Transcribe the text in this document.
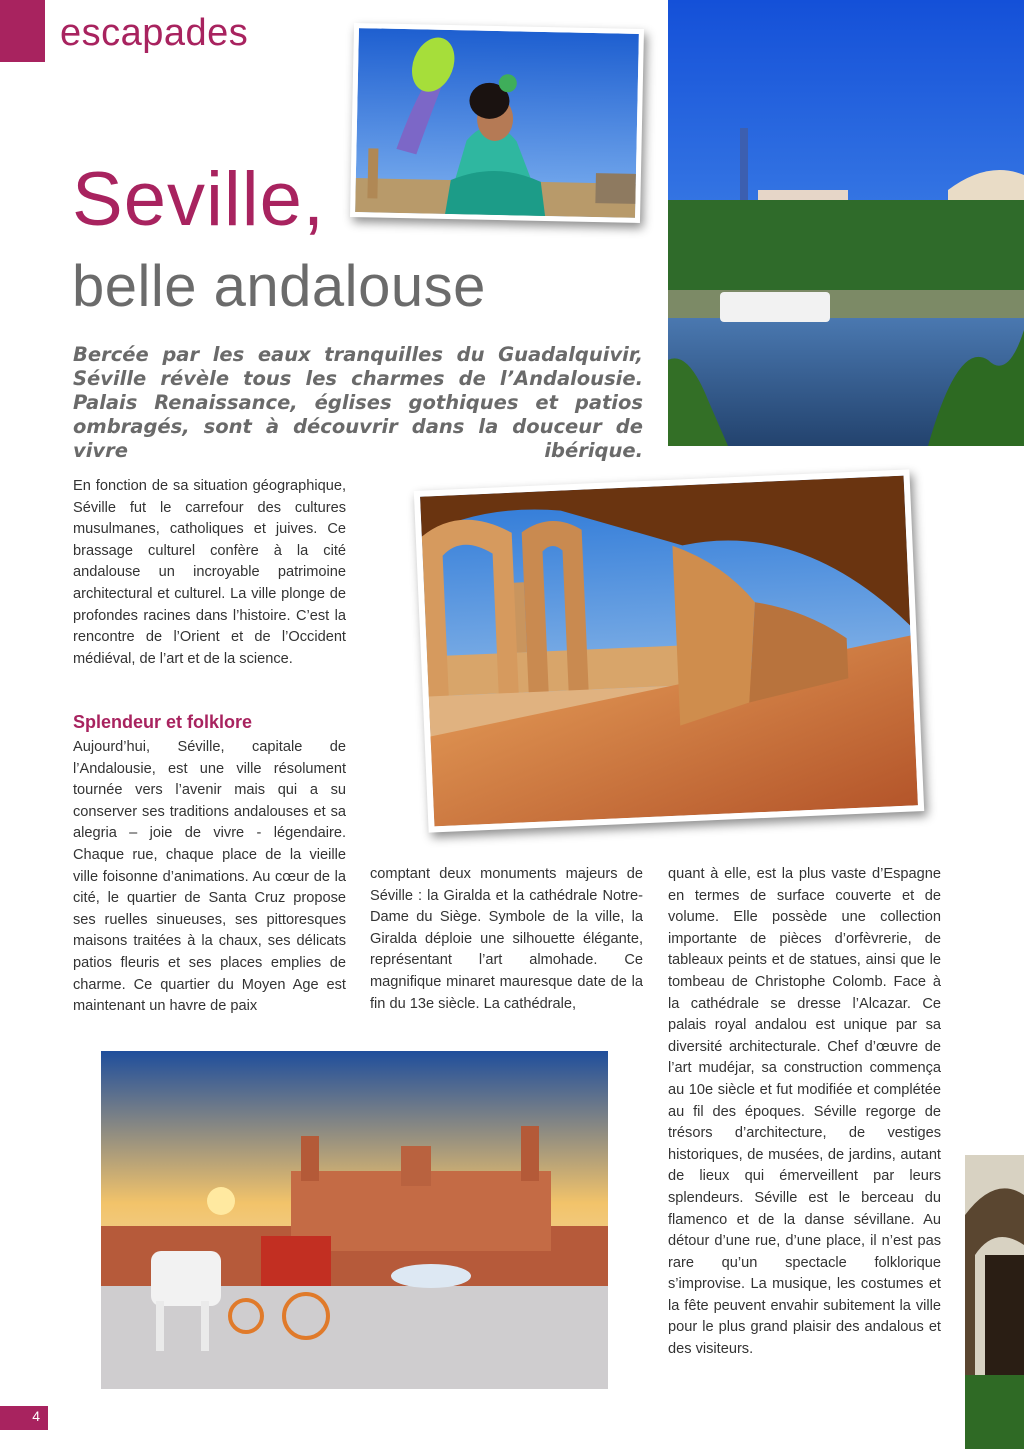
escapades
Seville,
belle andalouse
Bercée par les eaux tranquilles du Guadalquivir, Séville révèle tous les charmes de l’Andalousie. Palais Renaissance, églises gothiques et patios ombragés, sont à découvrir dans la douceur de vivre ibérique.
En fonction de sa situation géographique, Séville fut le carrefour des cultures musulmanes, catholiques et juives. Ce brassage culturel confère à la cité andalouse un incroyable patrimoine architectural et culturel. La ville plonge de profondes racines dans l’histoire. C’est la rencontre de l’Orient et de l’Occident médiéval, de l’art et de la science.
Splendeur et folklore
Aujourd’hui, Séville, capitale de l’Andalousie, est une ville résolument tournée vers l’avenir mais qui a su conserver ses traditions andalouses et sa alegria – joie de vivre - légendaire. Chaque rue, chaque place de la vieille ville foisonne d’animations. Au cœur de la cité, le quartier de Santa Cruz propose ses ruelles sinueuses, ses pittoresques maisons traitées à la chaux, ses délicats patios fleuris et ses places emplies de charme. Ce quartier du Moyen Age est maintenant un havre de paix
comptant deux monuments majeurs de Séville : la Giralda et la cathédrale Notre-Dame du Siège. Symbole de la ville, la Giralda déploie une silhouette élégante, représentant l’art almohade. Ce magnifique minaret mauresque date de la fin du 13e siècle. La cathédrale,
quant à elle, est la plus vaste d’Espagne en termes de surface couverte et de volume. Elle possède une collection importante de pièces d’orfèvrerie, de tableaux peints et de statues, ainsi que le tombeau de Christophe Colomb. Face à la cathédrale se dresse l’Alcazar. Ce palais royal andalou est unique par sa diversité architecturale. Chef d’œuvre de l’art mudéjar, sa construction commença au 10e siècle et fut modifiée et complétée au fil des époques. Séville regorge de trésors d’architecture, de vestiges historiques, de musées, de jardins, autant de lieux qui émerveillent par leurs splendeurs. Séville est le berceau du flamenco et de la danse sévillane. Au détour d’une rue, d’une place, il n’est pas rare qu’un spectacle folklorique s’improvise. La musique, les costumes et la fête peuvent envahir subitement la ville pour le plus grand plaisir des andalous et des visiteurs.
4
